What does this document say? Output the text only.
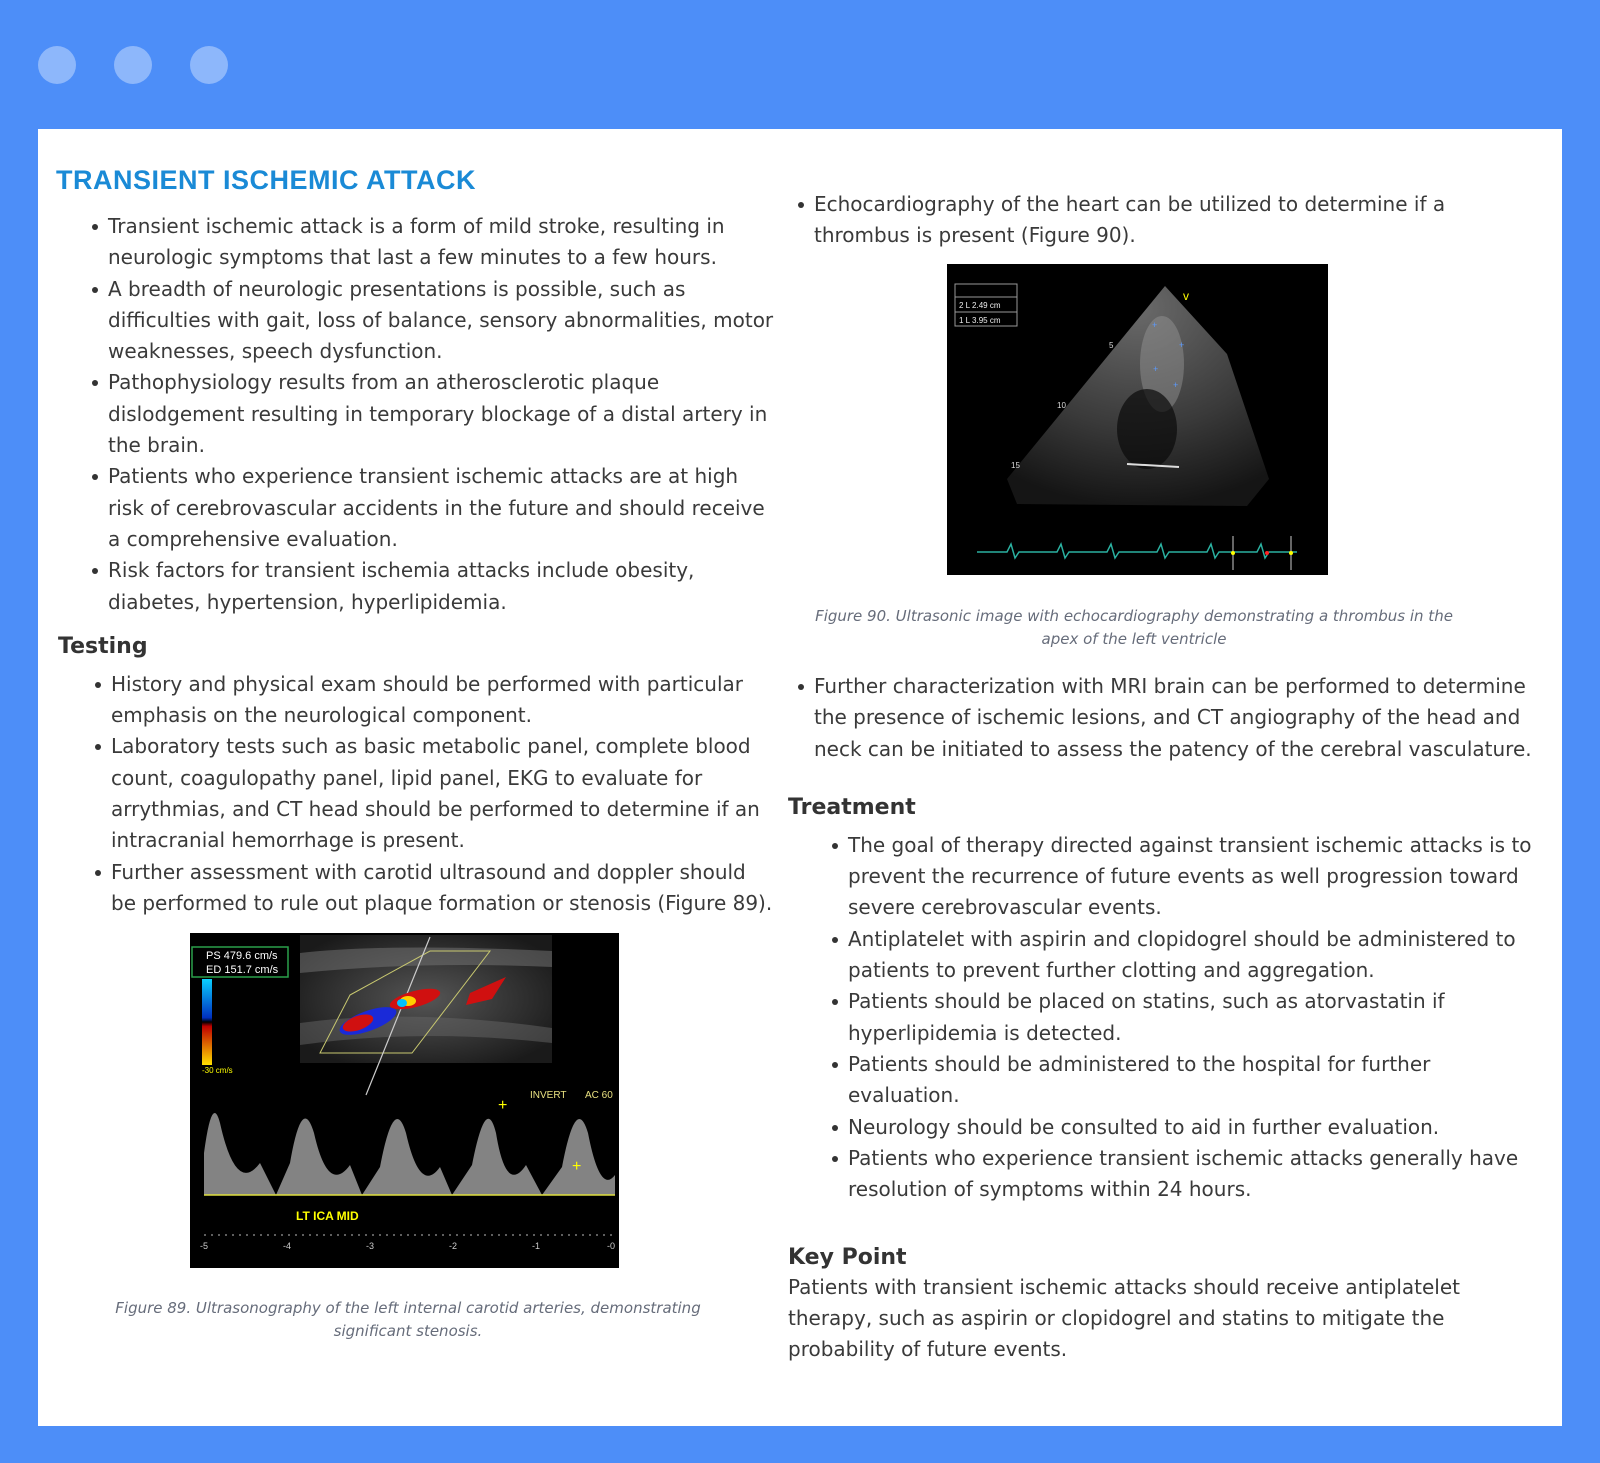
TRANSIENT ISCHEMIC ATTACK
Transient ischemic attack is a form of mild stroke, resulting in neurologic symptoms that last a few minutes to a few hours.
A breadth of neurologic presentations is possible, such as difficulties with gait, loss of balance, sensory abnormalities, motor weaknesses, speech dysfunction.
Pathophysiology results from an atherosclerotic plaque dislodgement resulting in temporary blockage of a distal artery in the brain.
Patients who experience transient ischemic attacks are at high risk of cerebrovascular accidents in the future and should receive a comprehensive evaluation.
Risk factors for transient ischemia attacks include obesity, diabetes, hypertension, hyperlipidemia.
Testing
History and physical exam should be performed with particular emphasis on the neurological component.
Laboratory tests such as basic metabolic panel, complete blood count, coagulopathy panel, lipid panel, EKG to evaluate for arrythmias, and CT head should be performed to determine if an intracranial hemorrhage is present.
Further assessment with carotid ultrasound and doppler should be performed to rule out plaque formation or stenosis (Figure 89).
PS 479.6 cm/s
ED 151.7 cm/s
-30 cm/s
INVERT AC 60
+
+
LT ICA MID
-5	-4	-3	-2	-1	-0
Figure 89. Ultrasonography of the left internal carotid arteries, demonstrating significant stenosis.
Echocardiography of the heart can be utilized to determine if a thrombus is present (Figure 90).
2 L 2.49 cm
1 L 3.95 cm
v
5
10
15
+
+
+
+
Figure 90. Ultrasonic image with echocardiography demonstrating a thrombus in the apex of the left ventricle
Further characterization with MRI brain can be performed to determine the presence of ischemic lesions, and CT angiography of the head and neck can be initiated to assess the patency of the cerebral vasculature.
Treatment
The goal of therapy directed against transient ischemic attacks is to prevent the recurrence of future events as well progression toward severe cerebrovascular events.
Antiplatelet with aspirin and clopidogrel should be administered to patients to prevent further clotting and aggregation.
Patients should be placed on statins, such as atorvastatin if hyperlipidemia is detected.
Patients should be administered to the hospital for further evaluation.
Neurology should be consulted to aid in further evaluation.
Patients who experience transient ischemic attacks generally have resolution of symptoms within 24 hours.
Key Point

Patients with transient ischemic attacks should receive antiplatelet therapy, such as aspirin or clopidogrel and statins to mitigate the probability of future events.
